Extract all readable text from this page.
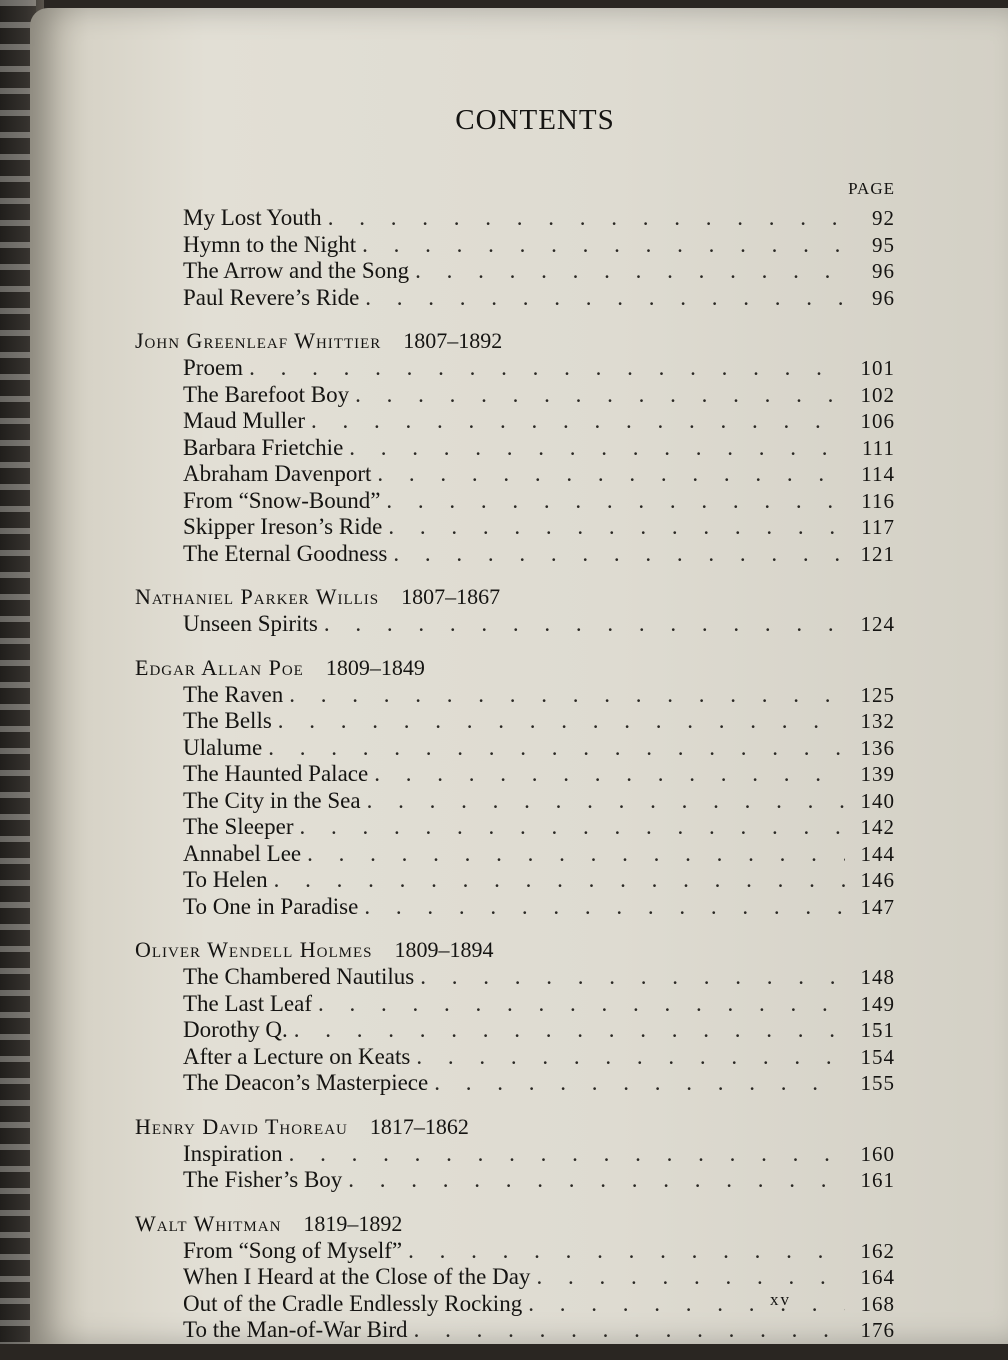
CONTENTS
PAGE
My Lost Youth . . .	92
Hymn to the Night . . .	95
The Arrow and the Song . . .	96
Paul Revere’s Ride . . .	96
John Greenleaf Whittier 1807–1892
Proem . . .	101
The Barefoot Boy . . .	102
Maud Muller . . .	106
Barbara Frietchie . . .	111
Abraham Davenport . . .	114
From “Snow-Bound” . . .	116
Skipper Ireson’s Ride . . .	117
The Eternal Goodness . . .	121
Nathaniel Parker Willis 1807–1867
Unseen Spirits . . .	124
Edgar Allan Poe 1809–1849
The Raven . . .	125
The Bells . . .	132
Ulalume . . .	136
The Haunted Palace . . .	139
The City in the Sea . . .	140
The Sleeper . . .	142
Annabel Lee . . .	144
To Helen . . .	146
To One in Paradise . . .	147
Oliver Wendell Holmes 1809–1894
The Chambered Nautilus . . .	148
The Last Leaf . . .	149
Dorothy Q. . . .	151
After a Lecture on Keats . . .	154
The Deacon’s Masterpiece . . .	155
Henry David Thoreau 1817–1862
Inspiration . . .	160
The Fisher’s Boy . . .	161
Walt Whitman 1819–1892
From “Song of Myself” . . .	162
When I Heard at the Close of the Day . . .	164
Out of the Cradle Endlessly Rocking . . .	168
To the Man-of-War Bird . . .	176
xv
